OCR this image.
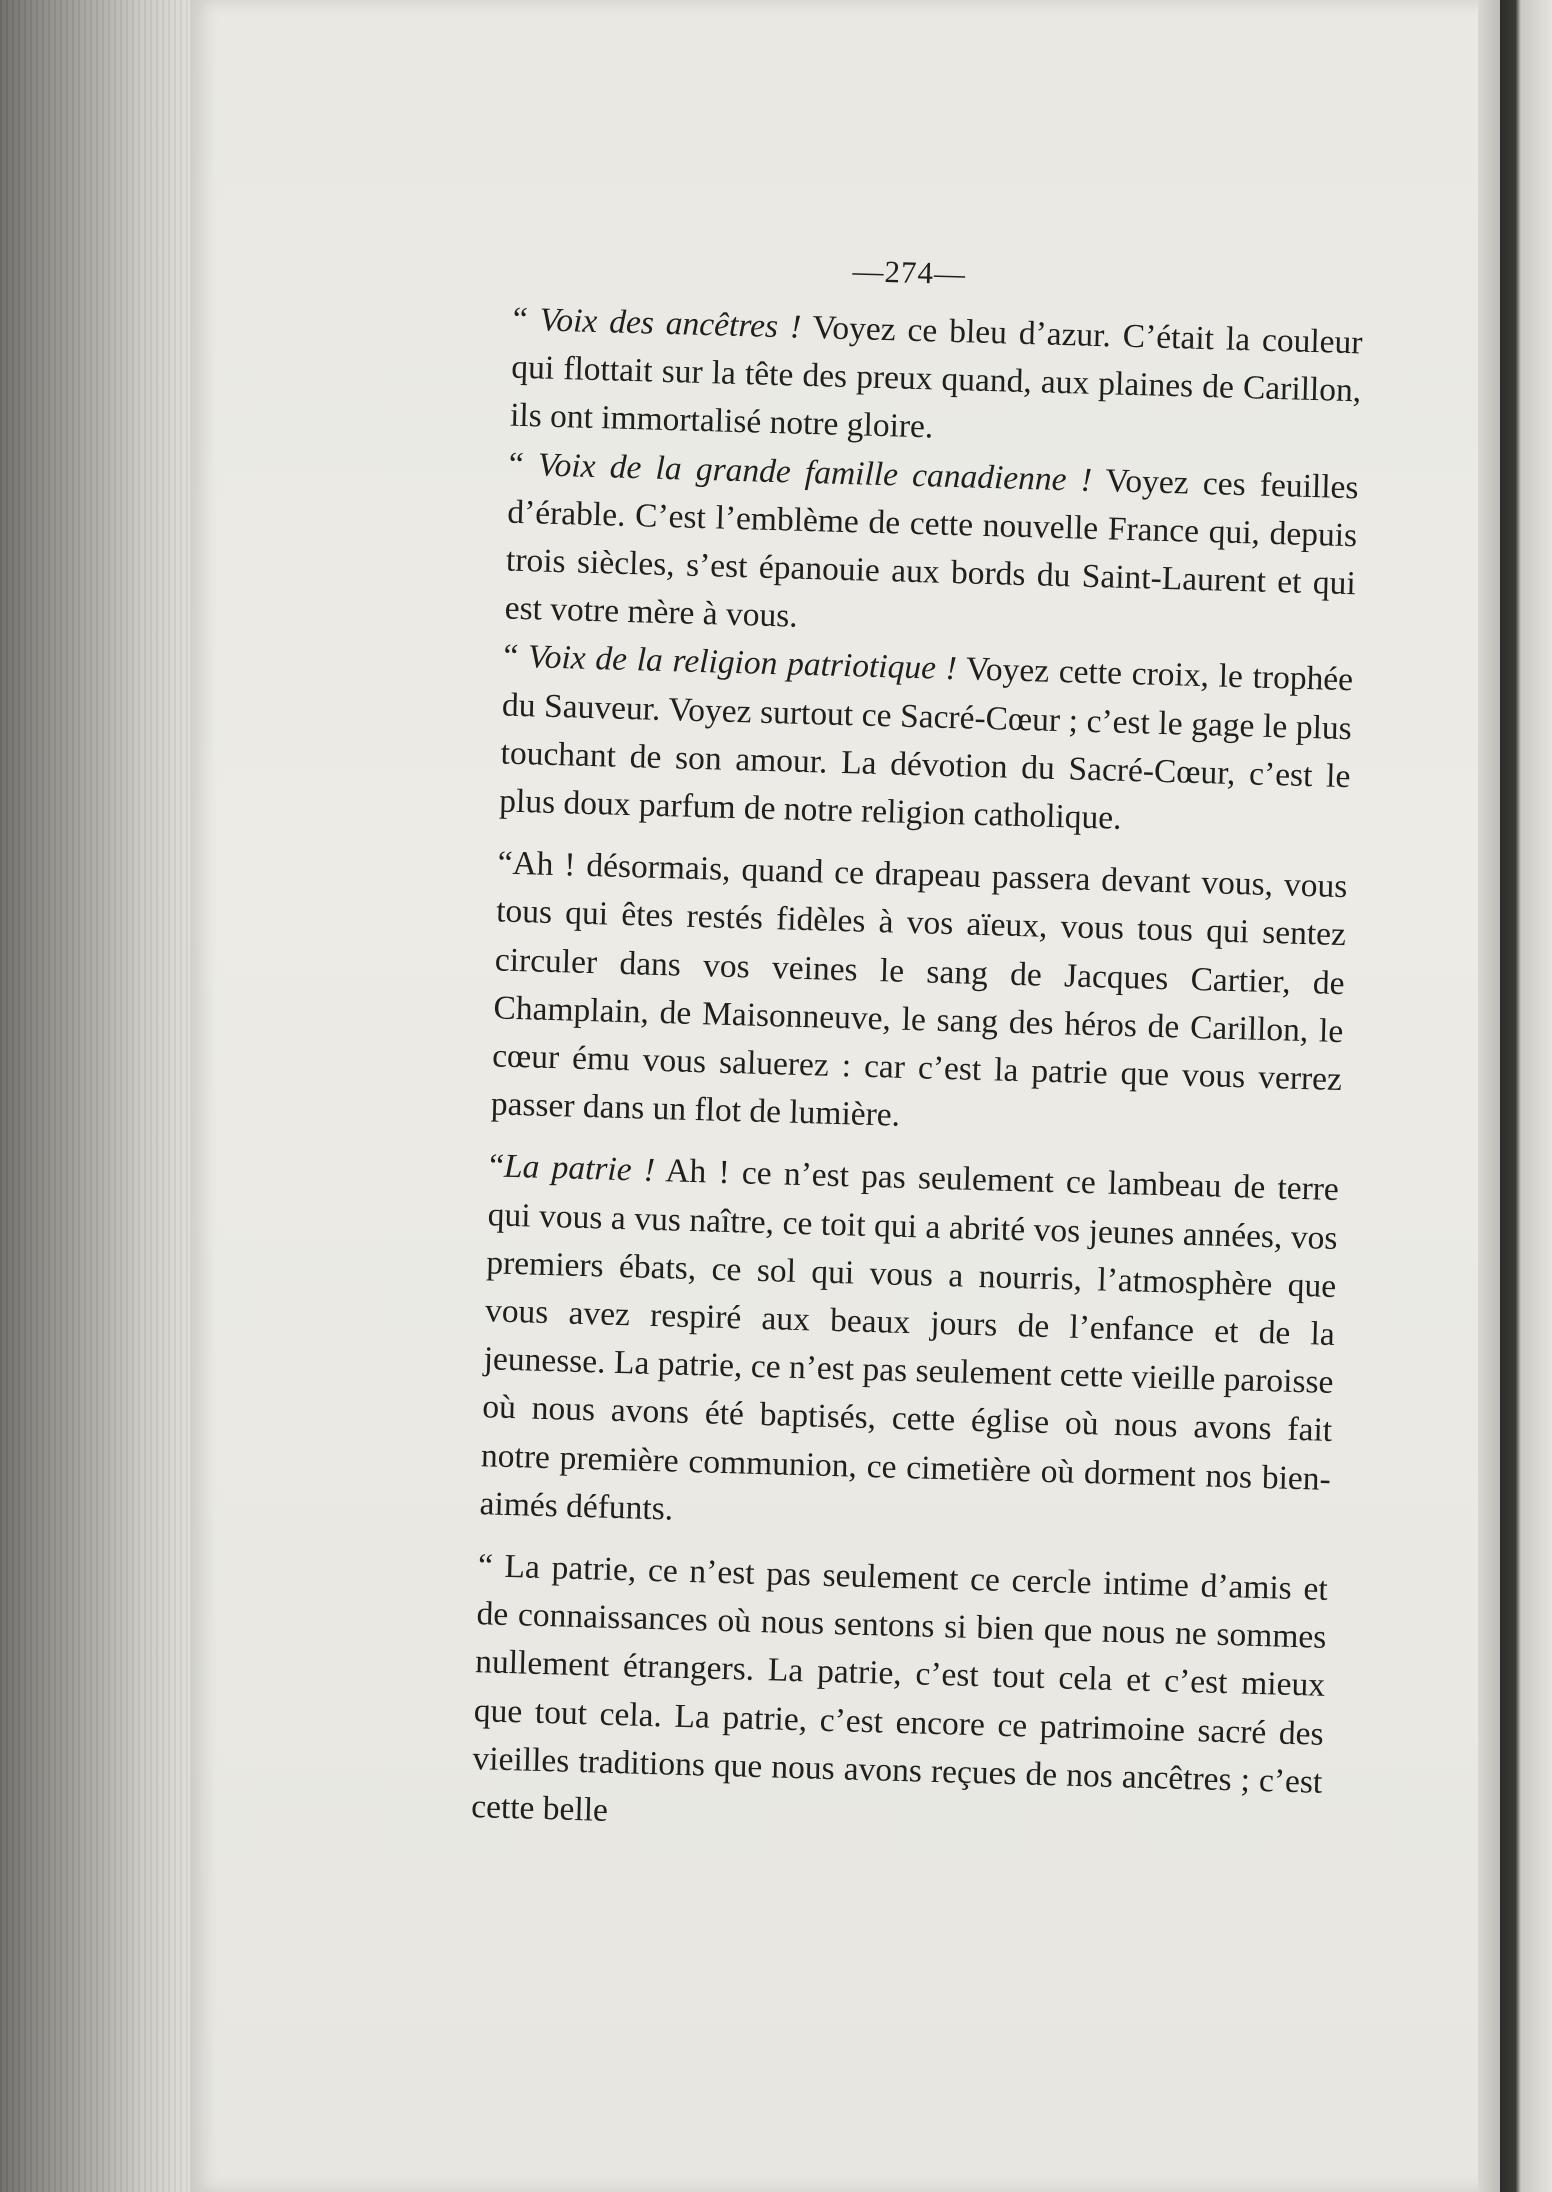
—274—

“ Voix des ancêtres ! Voyez ce bleu d’azur. C’était la couleur qui flottait sur la tête des preux quand, aux plaines de Carillon, ils ont immortalisé notre gloire.

“ Voix de la grande famille canadienne ! Voyez ces feuilles d’érable. C’est l’emblème de cette nouvelle France qui, depuis trois siècles, s’est épanouie aux bords du Saint-Laurent et qui est votre mère à vous.

“ Voix de la religion patriotique ! Voyez cette croix, le trophée du Sauveur. Voyez surtout ce Sacré-Cœur ; c’est le gage le plus touchant de son amour. La dévotion du Sacré-Cœur, c’est le plus doux parfum de notre religion catholique.

“Ah ! désormais, quand ce drapeau passera devant vous, vous tous qui êtes restés fidèles à vos aïeux, vous tous qui sentez circuler dans vos veines le sang de Jacques Cartier, de Champlain, de Maisonneuve, le sang des héros de Carillon, le cœur ému vous saluerez : car c’est la patrie que vous verrez passer dans un flot de lumière.

“La patrie ! Ah ! ce n’est pas seulement ce lambeau de terre qui vous a vus naître, ce toit qui a abrité vos jeunes années, vos premiers ébats, ce sol qui vous a nourris, l’atmosphère que vous avez respiré aux beaux jours de l’enfance et de la jeunesse. La patrie, ce n’est pas seulement cette vieille paroisse où nous avons été baptisés, cette église où nous avons fait notre première communion, ce cimetière où dorment nos bien-aimés défunts.

“ La patrie, ce n’est pas seulement ce cercle intime d’amis et de connaissances où nous sentons si bien que nous ne sommes nullement étrangers. La patrie, c’est tout cela et c’est mieux que tout cela. La patrie, c’est encore ce patrimoine sacré des vieilles traditions que nous avons reçues de nos ancêtres ; c’est cette belle
